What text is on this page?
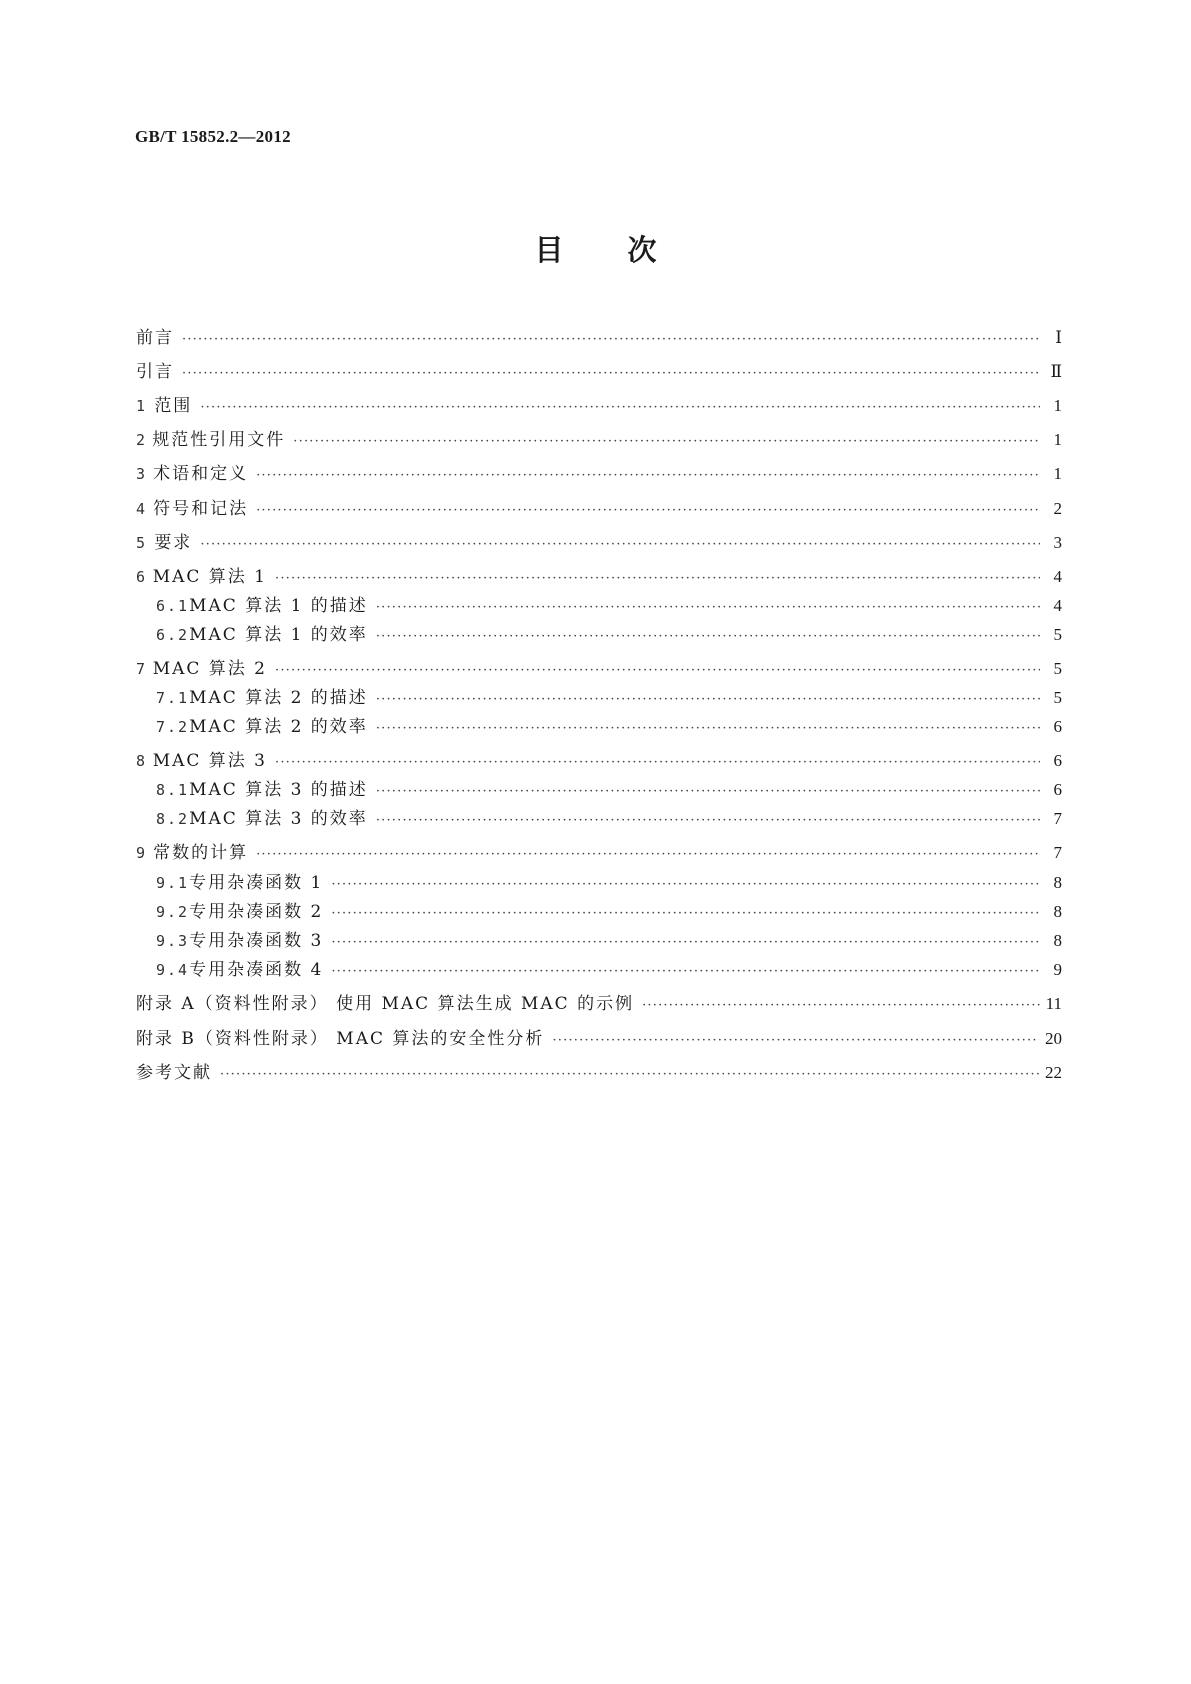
GB/T 15852.2—2012
目次
前言 ·····	Ⅰ
引言 ·····	Ⅱ
1 范围 ·····	1
2 规范性引用文件 ·····	1
3 术语和定义 ·····	1
4 符号和记法 ·····	2
5 要求 ·····	3
6 MAC 算法 1 ·····	4
6.1 MAC 算法 1 的描述 ·····	4
6.2 MAC 算法 1 的效率 ·····	5
7 MAC 算法 2 ·····	5
7.1 MAC 算法 2 的描述 ·····	5
7.2 MAC 算法 2 的效率 ·····	6
8 MAC 算法 3 ·····	6
8.1 MAC 算法 3 的描述 ·····	6
8.2 MAC 算法 3 的效率 ·····	7
9 常数的计算 ·····	7
9.1 专用杂凑函数 1 ·····	8
9.2 专用杂凑函数 2 ·····	8
9.3 专用杂凑函数 3 ·····	8
9.4 专用杂凑函数 4 ·····	9
附录 A（资料性附录） 使用 MAC 算法生成 MAC 的示例 ·····	11
附录 B（资料性附录） MAC 算法的安全性分析 ·····	20
参考文献 ·····	22
